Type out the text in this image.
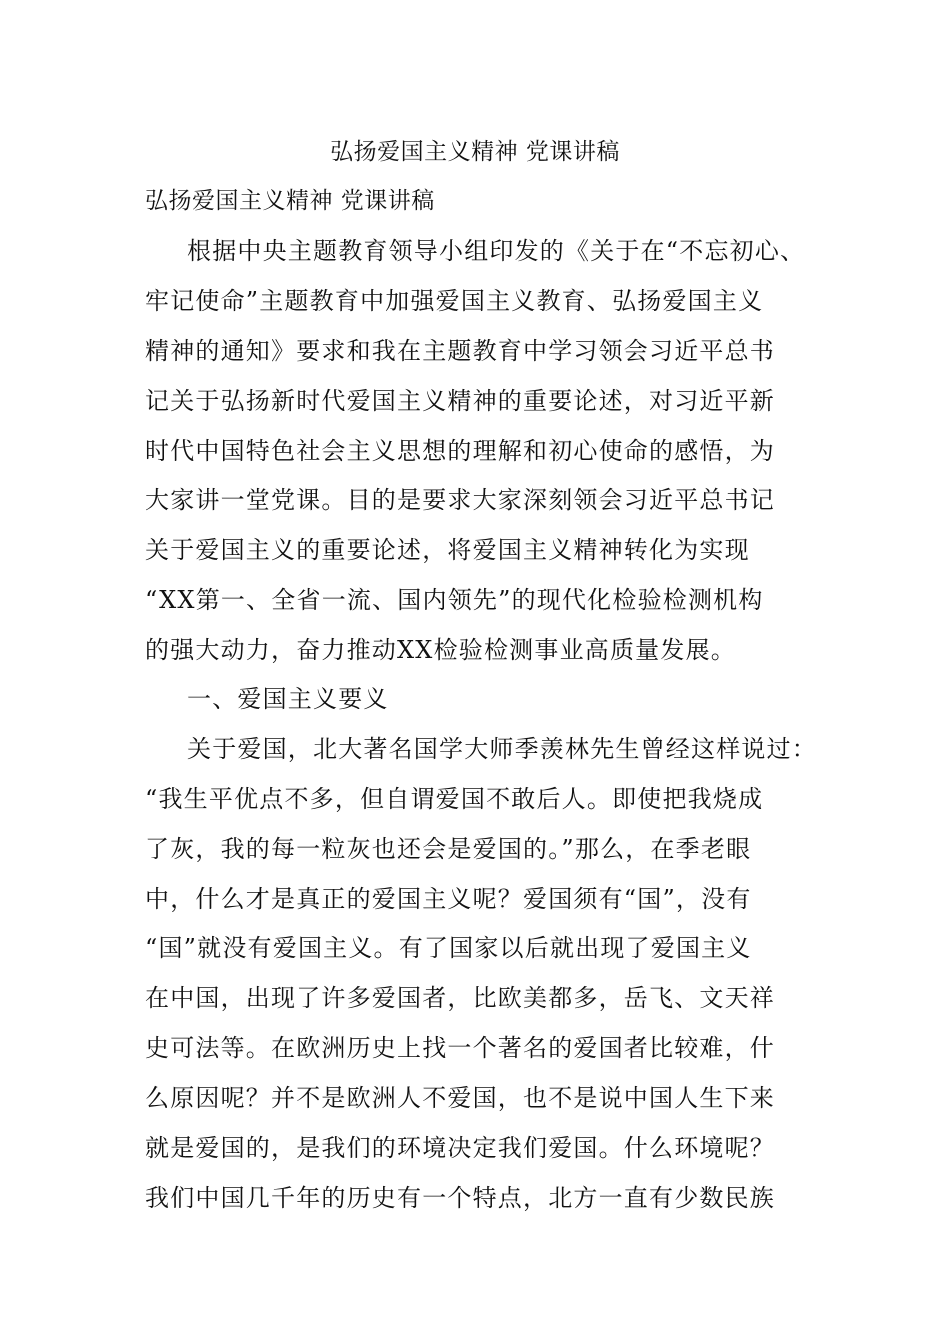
弘扬爱国主义精神 党课讲稿
弘扬爱国主义精神 党课讲稿
根据中央主题教育领导小组印发的《关于在“不忘初心、
牢记使命”主题教育中加强爱国主义教育、弘扬爱国主义
精神的通知》要求和我在主题教育中学习领会习近平总书
记关于弘扬新时代爱国主义精神的重要论述，对习近平新
时代中国特色社会主义思想的理解和初心使命的感悟，为
大家讲一堂党课。目的是要求大家深刻领会习近平总书记
关于爱国主义的重要论述，将爱国主义精神转化为实现
“XX第一、全省一流、国内领先”的现代化检验检测机构
的强大动力，奋力推动XX检验检测事业高质量发展。
一、爱国主义要义
关于爱国，北大著名国学大师季羡林先生曾经这样说过：
“我生平优点不多，但自谓爱国不敢后人。即使把我烧成
了灰，我的每一粒灰也还会是爱国的。”那么，在季老眼
中，什么才是真正的爱国主义呢？爱国须有“国”，没有
“国”就没有爱国主义。有了国家以后就出现了爱国主义
在中国，出现了许多爱国者，比欧美都多，岳飞、文天祥
史可法等。在欧洲历史上找一个著名的爱国者比较难，什
么原因呢？并不是欧洲人不爱国，也不是说中国人生下来
就是爱国的，是我们的环境决定我们爱国。什么环境呢？
我们中国几千年的历史有一个特点，北方一直有少数民族
